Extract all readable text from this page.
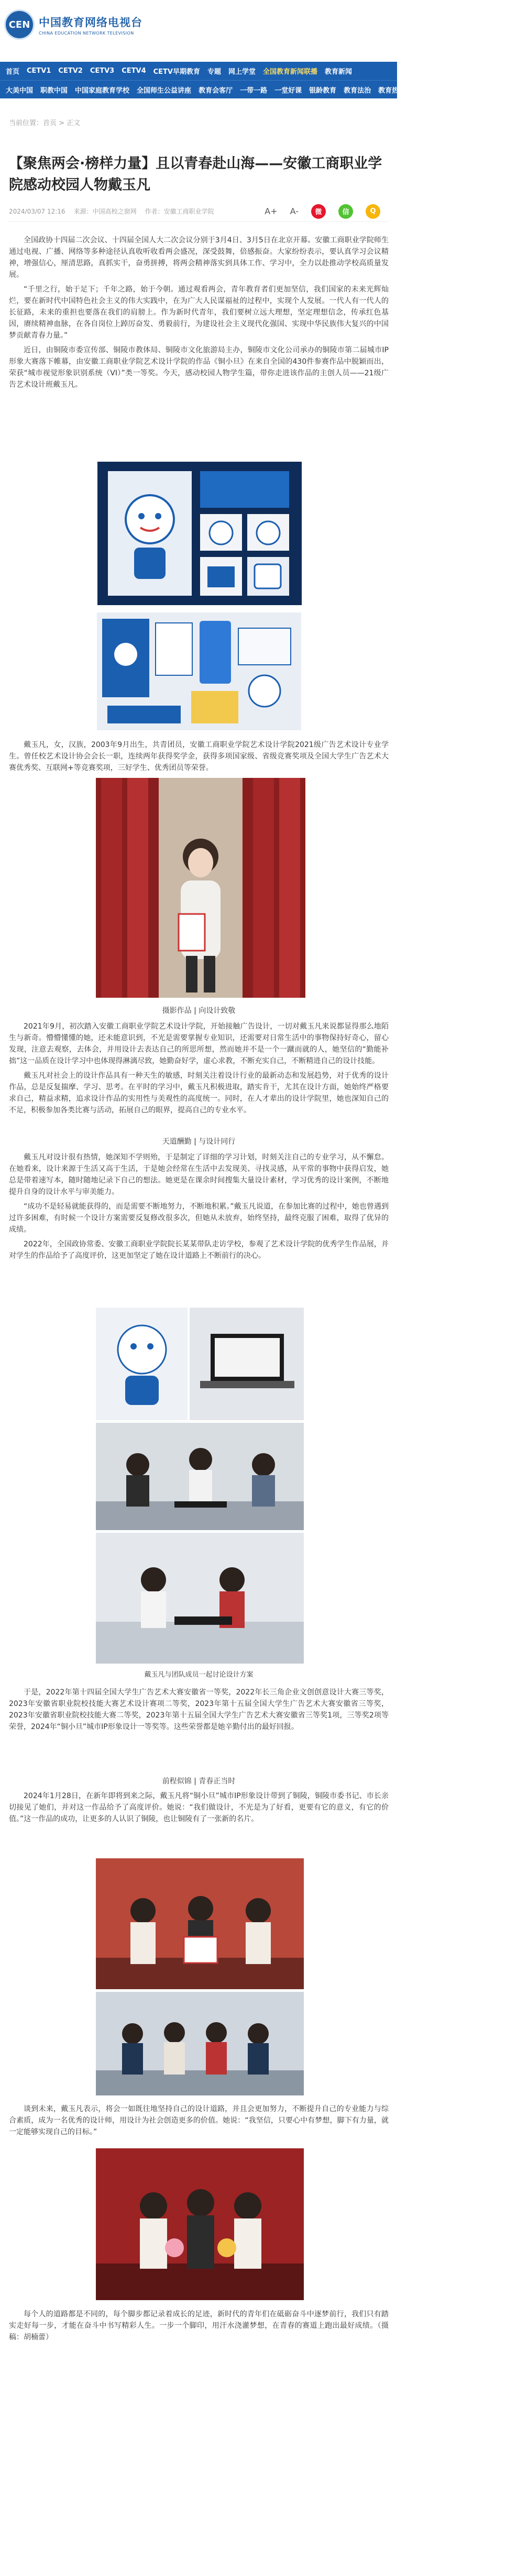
CEN 中国教育网络电视台
CHINA EDUCATION NETWORK TELEVISION
首页	CETV1	CETV2	CETV3	CETV4	CETV早期教育	专题	网上学堂	全国教育新闻联播	教育新闻
大美中国	职教中国	中国家庭教育学校	全国师生公益讲座	教育会客厅	一带一路	一堂好课	银龄教育	教育法治	教育热点	心理咨询	一起成长	一起发
当前位置：首页 > 正文
【聚焦两会·榜样力量】且以青春赴山海——安徽工商职业学院感动校园人物戴玉凡
2024/03/07 12:16 来源：中国高校之窗网 作者：安徽工商职业学院	A+ A-	微	信	Q

全国政协十四届二次会议、十四届全国人大二次会议分别于3月4日、3月5日在北京开幕。安徽工商职业学院师生通过电视、广播、网络等多种途径认真收听收看两会盛况，深受鼓舞，倍感振奋。大家纷纷表示，要认真学习会议精神，增强信心，厘清思路，真抓实干，奋勇拼搏，将两会精神落实到具体工作、学习中，全力以赴推动学校高质量发展。

“千里之行，始于足下；千年之路，始于今朝。通过观看两会，青年教育者们更加坚信，我们国家的未来光辉灿烂，要在新时代中国特色社会主义的伟大实践中，在为广大人民谋福祉的过程中，实现个人发展。一代人有一代人的长征路，未来的重担也要落在我们的肩膀上。作为新时代青年，我们要树立远大理想，坚定理想信念，传承红色基因，赓续精神血脉，在各自岗位上踔厉奋发、勇毅前行，为建设社会主义现代化强国、实现中华民族伟大复兴的中国梦贡献青春力量。”

近日，由铜陵市委宣传部、铜陵市教体局、铜陵市文化旅游局主办，铜陵市文化公司承办的铜陵市第二届城市IP形象大赛落下帷幕，由安徽工商职业学院艺术设计学院的作品《铜小旦》在来自全国的430件参赛作品中脱颖而出，荣获“城市视觉形象识别系统（VI）”类一等奖。今天，感动校园人物学生篇，带你走进该作品的主创人员——21级广告艺术设计班戴玉凡。

戴玉凡，女，汉族，2003年9月出生，共青团员，安徽工商职业学院艺术设计学院2021级广告艺术设计专业学生。曾任校艺术设计协会会长一职，连续两年获得奖学金，获得多项国家级、省级竞赛奖项及全国大学生广告艺术大赛优秀奖、互联网+等竞赛奖项，三好学生、优秀团员等荣誉。

摄影作品 | 向设计致敬

2021年9月，初次踏入安徽工商职业学院艺术设计学院，开始接触广告设计，一切对戴玉凡来说都显得那么地陌生与新奇。懵懵懂懂的她，还未能意识到，不光是需要掌握专业知识，还需要对日常生活中的事物保持好奇心，留心发现，注意去观察，去体会，并用设计去表达自己的所思所想，然而她并不是一个一蹴而就的人，她坚信的“勤能补拙”这一品质在设计学习中也体现得淋漓尽致，她勤奋好学，虚心求教，不断充实自己，不断精进自己的设计技能。

戴玉凡对社会上的设计作品具有一种天生的敏感，时刻关注着设计行业的最新动态和发展趋势，对于优秀的设计作品，总是反复揣摩、学习、思考。在平时的学习中，戴玉凡积极进取，踏实肯干，尤其在设计方面，她始终严格要求自己，精益求精，追求设计作品的实用性与美观性的高度统一。同时，在人才辈出的设计学院里，她也深知自己的不足，积极参加各类比赛与活动，拓展自己的眼界，提高自己的专业水平。

天道酬勤 | 与设计同行

戴玉凡对设计很有热情，她深知不学则殆，于是制定了详细的学习计划，时刻关注自己的专业学习，从不懈怠。在她看来，设计来源于生活又高于生活，于是她会经常在生活中去发现美、寻找灵感，从平常的事物中获得启发，她总是带着速写本，随时随地记录下自己的想法。她更是在课余时间搜集大量设计素材，学习优秀的设计案例，不断地提升自身的设计水平与审美能力。

“成功不是轻易就能获得的，而是需要不断地努力，不断地积累。”戴玉凡说道，在参加比赛的过程中，她也曾遇到过许多困难，有时候一个设计方案需要反复修改很多次，但她从未放弃，始终坚持，最终克服了困难，取得了优异的成绩。

2022年，全国政协常委、安徽工商职业学院院长某某带队走访学校，参观了艺术设计学院的优秀学生作品展，并对学生的作品给予了高度评价，这更加坚定了她在设计道路上不断前行的决心。

戴玉凡与团队成员一起讨论设计方案

于是，2022年第十四届全国大学生广告艺术大赛安徽省一等奖，2022年长三角企业文创创意设计大赛三等奖，2023年安徽省职业院校技能大赛艺术设计赛项二等奖，2023年第十五届全国大学生广告艺术大赛安徽省三等奖，2023年安徽省职业院校技能大赛二等奖，2023年第十五届全国大学生广告艺术大赛安徽省三等奖1项，三等奖2项等荣誉，2024年“铜小旦”城市IP形象设计一等奖等。这些荣誉都是她辛勤付出的最好回报。

前程似锦 | 青春正当时

2024年1月28日，在新年即将到来之际，戴玉凡将“铜小旦”城市IP形象设计带到了铜陵，铜陵市委书记、市长亲切接见了她们，并对这一作品给予了高度评价。她说：“我们做设计，不光是为了好看，更要有它的意义，有它的价值。”这一作品的成功，让更多的人认识了铜陵，也让铜陵有了一张新的名片。

谈到未来，戴玉凡表示，将会一如既往地坚持自己的设计道路，并且会更加努力，不断提升自己的专业能力与综合素质，成为一名优秀的设计师，用设计为社会创造更多的价值。她说：“我坚信，只要心中有梦想，脚下有力量，就一定能够实现自己的目标。”

每个人的道路都是不同的，每个脚步都记录着成长的足迹，新时代的青年们在砥砺奋斗中逐梦前行，我们只有踏实走好每一步，才能在奋斗中书写精彩人生。一步一个脚印，用汗水浇灌梦想，在青春的赛道上跑出最好成绩。（摄稿：胡楠蕾）
